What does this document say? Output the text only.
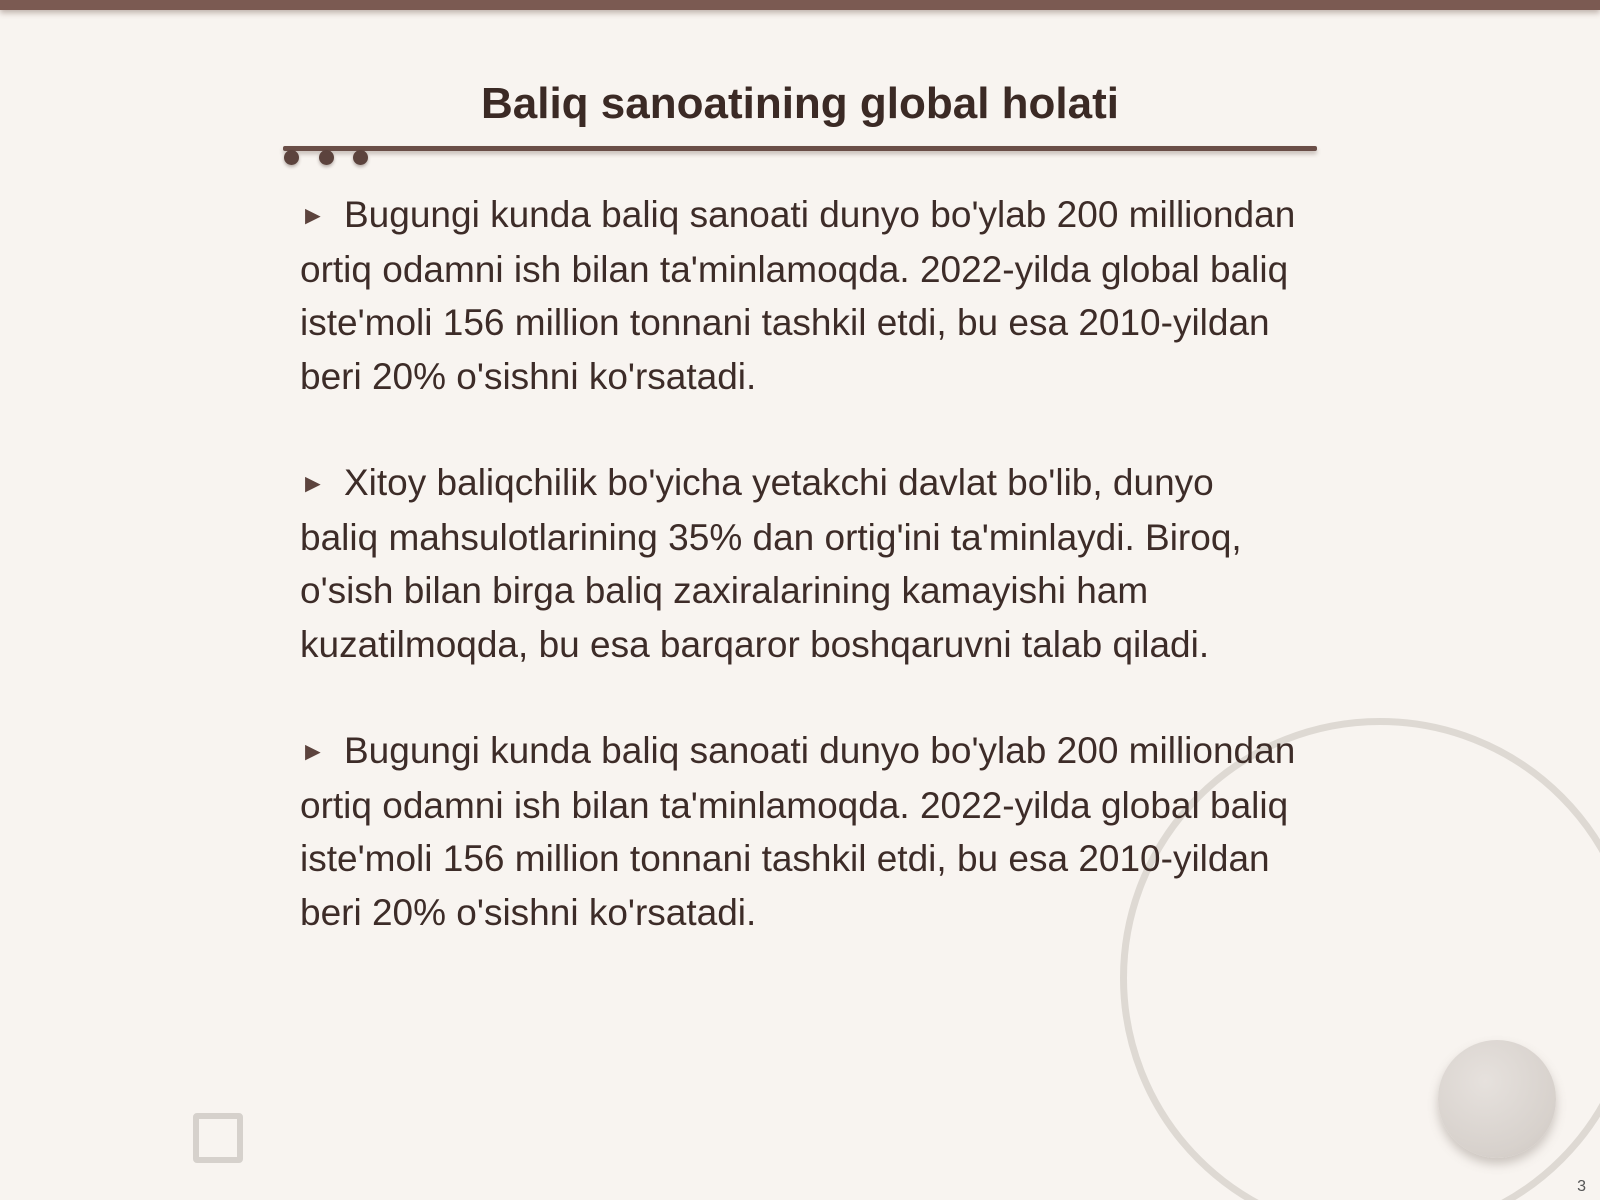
Baliq sanoatining global holati

► Bugungi kunda baliq sanoati dunyo bo'ylab 200 milliondan ortiq odamni ish bilan ta'minlamoqda. 2022-yilda global baliq iste'moli 156 million tonnani tashkil etdi, bu esa 2010-yildan beri 20% o'sishni ko'rsatadi.

► Xitoy baliqchilik bo'yicha yetakchi davlat bo'lib, dunyo baliq mahsulotlarining 35% dan ortig'ini ta'minlaydi. Biroq, o'sish bilan birga baliq zaxiralarining kamayishi ham kuzatilmoqda, bu esa barqaror boshqaruvni talab qiladi.

► Bugungi kunda baliq sanoati dunyo bo'ylab 200 milliondan ortiq odamni ish bilan ta'minlamoqda. 2022-yilda global baliq iste'moli 156 million tonnani tashkil etdi, bu esa 2010-yildan beri 20% o'sishni ko'rsatadi.

3
